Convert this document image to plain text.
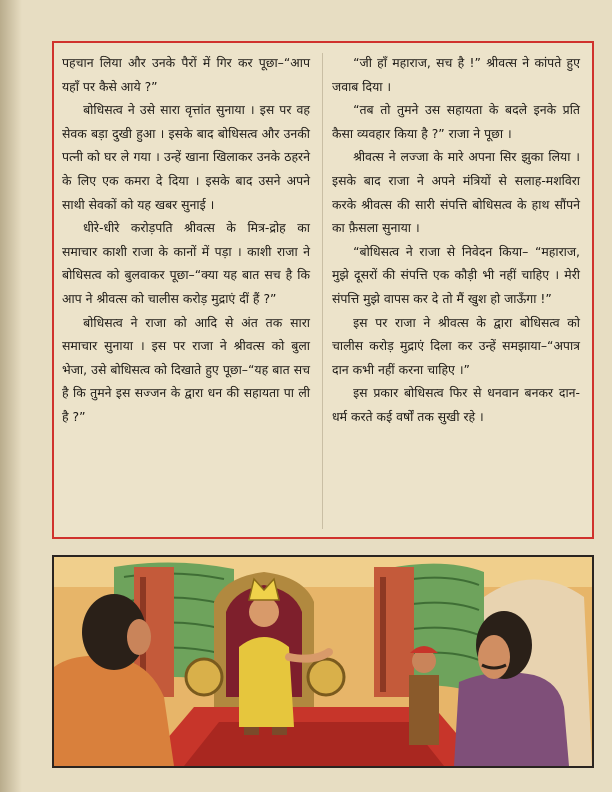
पहचान लिया और उनके पैरों में गिर कर पूछा–“आप यहाँ पर कैसे आये ?”

बोधिसत्व ने उसे सारा वृत्तांत सुनाया । इस पर वह सेवक बड़ा दुखी हुआ । इसके बाद बोधिसत्व और उनकी पत्नी को घर ले गया । उन्हें खाना खिलाकर उनके ठहरने के लिए एक कमरा दे दिया । इसके बाद उसने अपने साथी सेवकों को यह खबर सुनाई ।

धीरे-धीरे करोड़पति श्रीवत्स के मित्र-द्रोह का समाचार काशी राजा के कानों में पड़ा । काशी राजा ने बोधिसत्व को बुलवाकर पूछा–“क्या यह बात सच है कि आप ने श्रीवत्स को चालीस करोड़ मुद्राएं दीं हैं ?”

बोधिसत्व ने राजा को आदि से अंत तक सारा समाचार सुनाया । इस पर राजा ने श्रीवत्स को बुला भेजा, उसे बोधिसत्व को दिखाते हुए पूछा–“यह बात सच है कि तुमने इस सज्जन के द्वारा धन की सहायता पा ली है ?”

“जी हाँ महाराज, सच है !” श्रीवत्स ने कांपते हुए जवाब दिया ।

“तब तो तुमने उस सहायता के बदले इनके प्रति कैसा व्यवहार किया है ?” राजा ने पूछा ।

श्रीवत्स ने लज्जा के मारे अपना सिर झुका लिया । इसके बाद राजा ने अपने मंत्रियों से सलाह-मशविरा करके श्रीवत्स की सारी संपत्ति बोधिसत्व के हाथ सौंपने का फ़ैसला सुनाया ।

“बोधिसत्व ने राजा से निवेदन किया– “महाराज, मुझे दूसरों की संपत्ति एक कौड़ी भी नहीं चाहिए । मेरी संपत्ति मुझे वापस कर दे तो मैं खुश हो जाऊँगा !”

इस पर राजा ने श्रीवत्स के द्वारा बोधिसत्व को चालीस करोड़ मुद्राएं दिला कर उन्हें समझाया–“अपात्र दान कभी नहीं करना चाहिए ।”

इस प्रकार बोधिसत्व फिर से धनवान बनकर दान-धर्म करते कई वर्षों तक सुखी रहे ।
